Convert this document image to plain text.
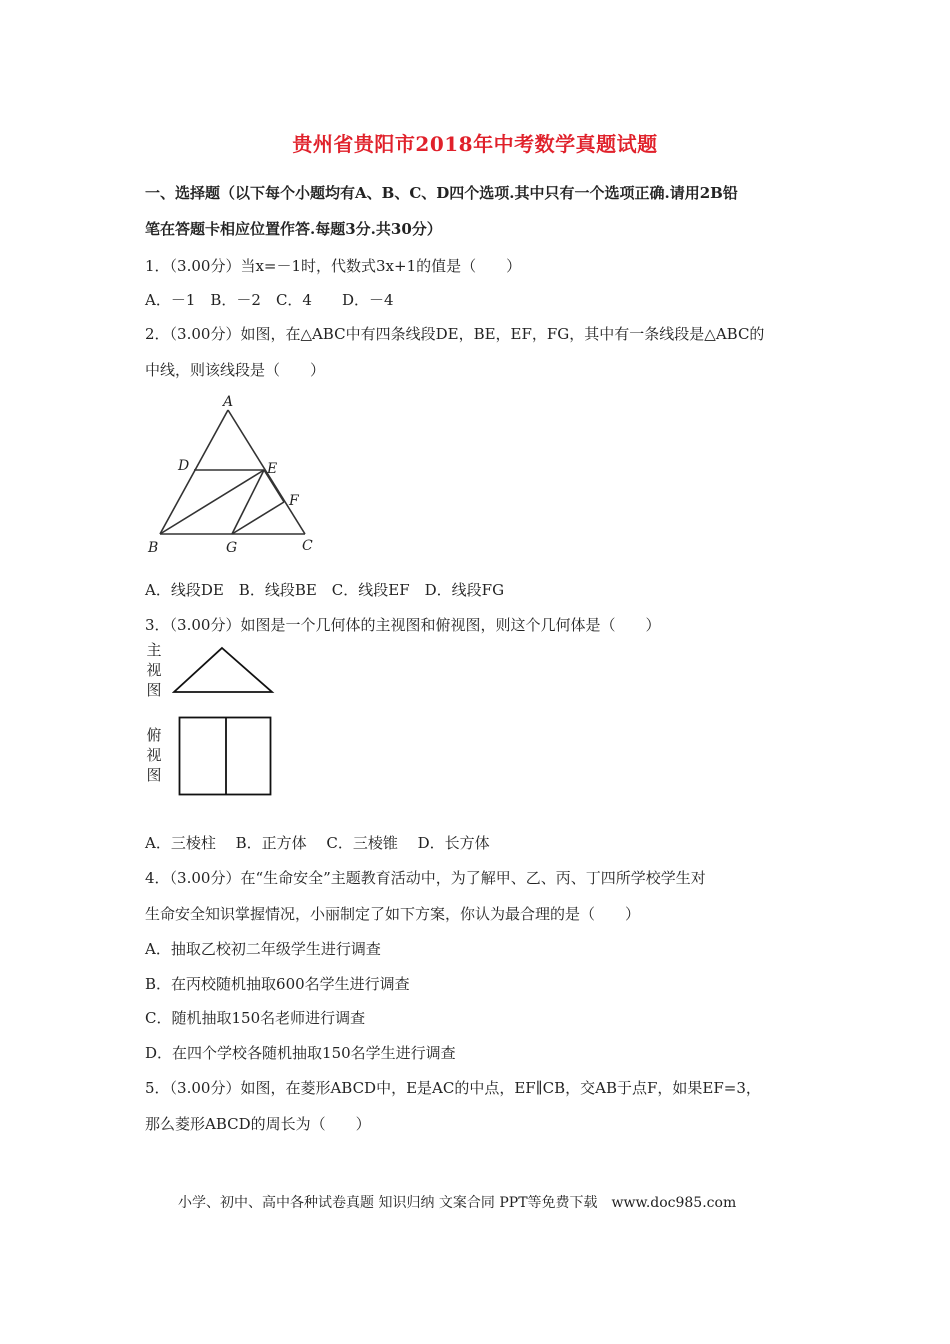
贵州省贵阳市2018年中考数学真题试题
一、选择题（以下每个小题均有A、B、C、D四个选项.其中只有一个选项正确.请用2B铅
笔在答题卡相应位置作答.每题3分.共30分）
1．（3.00分）当x=－1时，代数式3x+1的值是（　　）
A．－1　B．－2　C．4　　D．－4
2．（3.00分）如图，在△ABC中有四条线段DE，BE，EF，FG，其中有一条线段是△ABC的
中线，则该线段是（　　）
A
D	E
F
B	G	C
A．线段DE　B．线段BE　C．线段EF　D．线段FG
3．（3.00分）如图是一个几何体的主视图和俯视图，则这个几何体是（　　）
主
视
图
俯
视
图
A．三棱柱　 B．正方体　 C．三棱锥　 D．长方体
4．（3.00分）在“生命安全”主题教育活动中，为了解甲、乙、丙、丁四所学校学生对
生命安全知识掌握情况，小丽制定了如下方案，你认为最合理的是（　　）
A．抽取乙校初二年级学生进行调查
B．在丙校随机抽取600名学生进行调查
C．随机抽取150名老师进行调查
D．在四个学校各随机抽取150名学生进行调查
5．（3.00分）如图，在菱形ABCD中，E是AC的中点，EF∥CB，交AB于点F，如果EF=3，
那么菱形ABCD的周长为（　　）
小学、初中、高中各种试卷真题 知识归纳 文案合同 PPT等免费下载　www.doc985.com
